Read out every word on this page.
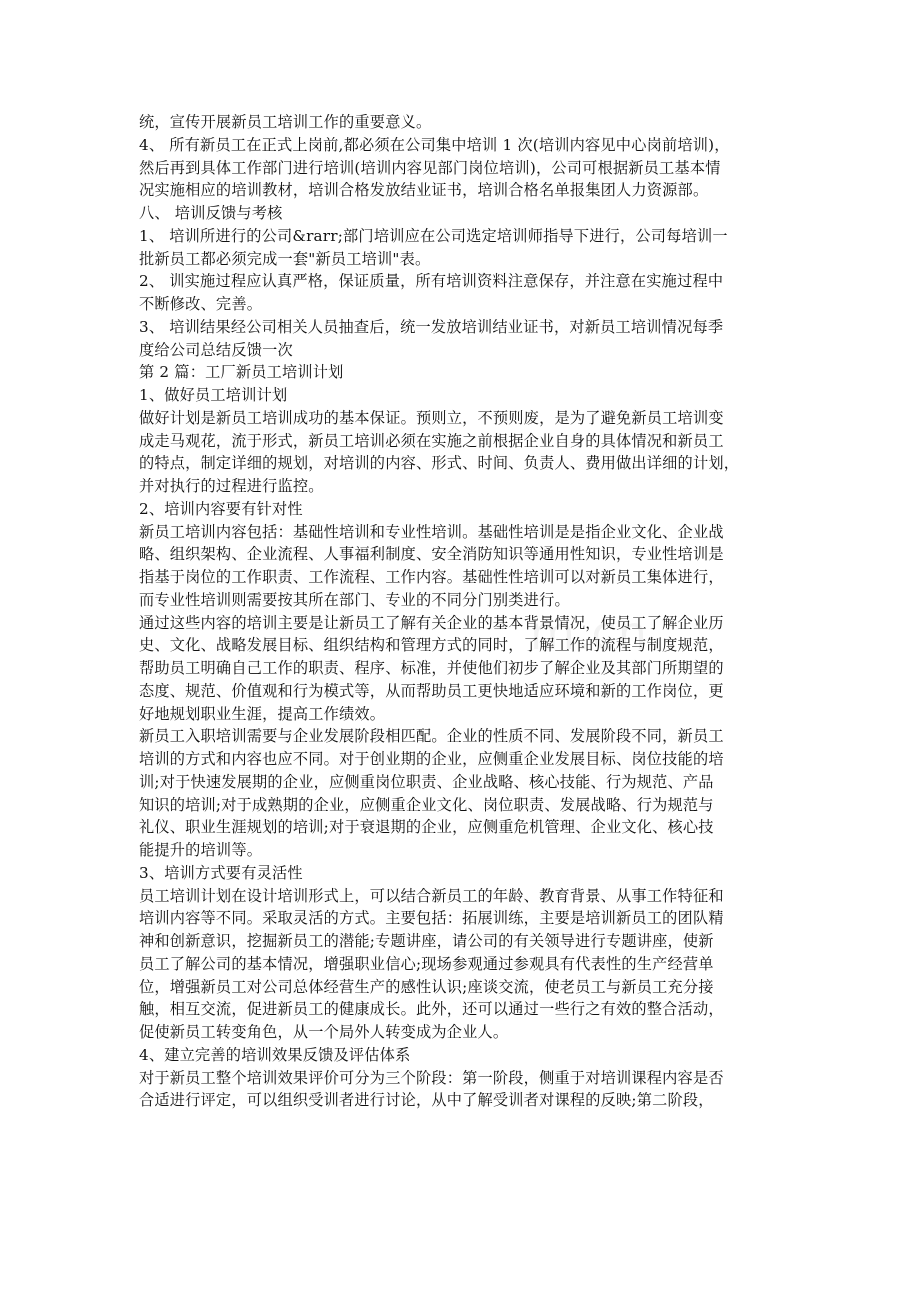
统，宣传开展新员工培训工作的重要意义。
4、 所有新员工在正式上岗前,都必须在公司集中培训 1 次(培训内容见中心岗前培训)，
然后再到具体工作部门进行培训(培训内容见部门岗位培训)，公司可根据新员工基本情
况实施相应的培训教材，培训合格发放结业证书，培训合格名单报集团人力资源部。
八、 培训反馈与考核
1、 培训所进行的公司&rarr;部门培训应在公司选定培训师指导下进行，公司每培训一
批新员工都必须完成一套"新员工培训"表。
2、 训实施过程应认真严格，保证质量，所有培训资料注意保存，并注意在实施过程中
不断修改、完善。
3、 培训结果经公司相关人员抽查后，统一发放培训结业证书，对新员工培训情况每季
度给公司总结反馈一次
第 2 篇：工厂新员工培训计划
1、做好员工培训计划
做好计划是新员工培训成功的基本保证。预则立，不预则废，是为了避免新员工培训变
成走马观花，流于形式，新员工培训必须在实施之前根据企业自身的具体情况和新员工
的特点，制定详细的规划，对培训的内容、形式、时间、负责人、费用做出详细的计划，
并对执行的过程进行监控。
2、培训内容要有针对性
新员工培训内容包括：基础性培训和专业性培训。基础性培训是是指企业文化、企业战
略、组织架构、企业流程、人事福利制度、安全消防知识等通用性知识，专业性培训是
指基于岗位的工作职责、工作流程、工作内容。基础性性培训可以对新员工集体进行，
而专业性培训则需要按其所在部门、专业的不同分门别类进行。
通过这些内容的培训主要是让新员工了解有关企业的基本背景情况，使员工了解企业历
史、文化、战略发展目标、组织结构和管理方式的同时，了解工作的流程与制度规范，
帮助员工明确自己工作的职责、程序、标准，并使他们初步了解企业及其部门所期望的
态度、规范、价值观和行为模式等，从而帮助员工更快地适应环境和新的工作岗位，更
好地规划职业生涯，提高工作绩效。
新员工入职培训需要与企业发展阶段相匹配。企业的性质不同、发展阶段不同，新员工
培训的方式和内容也应不同。对于创业期的企业，应侧重企业发展目标、岗位技能的培
训;对于快速发展期的企业，应侧重岗位职责、企业战略、核心技能、行为规范、产品
知识的培训;对于成熟期的企业，应侧重企业文化、岗位职责、发展战略、行为规范与
礼仪、职业生涯规划的培训;对于衰退期的企业，应侧重危机管理、企业文化、核心技
能提升的培训等。
3、培训方式要有灵活性
员工培训计划在设计培训形式上，可以结合新员工的年龄、教育背景、从事工作特征和
培训内容等不同。采取灵活的方式。主要包括：拓展训练，主要是培训新员工的团队精
神和创新意识，挖掘新员工的潜能;专题讲座，请公司的有关领导进行专题讲座，使新
员工了解公司的基本情况，增强职业信心;现场参观通过参观具有代表性的生产经营单
位，增强新员工对公司总体经营生产的感性认识;座谈交流，使老员工与新员工充分接
触，相互交流，促进新员工的健康成长。此外，还可以通过一些行之有效的整合活动，
促使新员工转变角色，从一个局外人转变成为企业人。
4、建立完善的培训效果反馈及评估体系
对于新员工整个培训效果评价可分为三个阶段：第一阶段，侧重于对培训课程内容是否
合适进行评定，可以组织受训者进行讨论，从中了解受训者对课程的反映;第二阶段，
